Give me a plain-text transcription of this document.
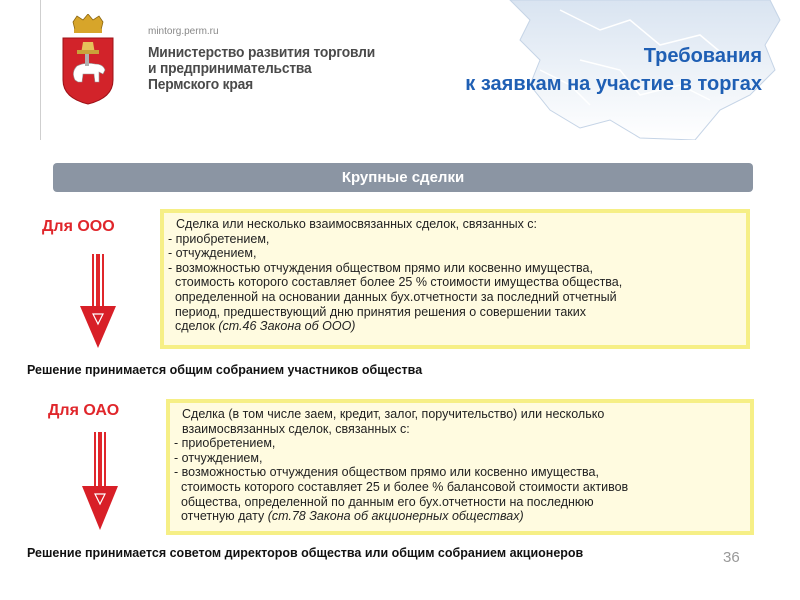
mintorg.perm.ru
Министерство развития торговли
и предпринимательства
Пермского края
Требования
к заявкам на участие в торгах
Крупные сделки
Для ООО	Сделка или несколько взаимосвязанных сделок, связанных с:
- приобретением,
- отчуждением,
- возможностью отчуждения обществом прямо или косвенно имущества,
стоимость которого составляет более 25 % стоимости имущества общества,
определенной на основании данных бух.отчетности за последний отчетный
период, предшествующий дню принятия решения о совершении таких
сделок (ст.46 Закона об ООО)
Решение принимается общим собранием участников общества
Для ОАО	Сделка (в том числе заем, кредит, залог, поручительство) или несколько
взаимосвязанных сделок, связанных с:
- приобретением,
- отчуждением,
- возможностью отчуждения обществом прямо или косвенно имущества,
стоимость которого составляет 25 и более % балансовой стоимости активов
общества, определенной по данным его бух.отчетности на последнюю
отчетную дату (ст.78 Закона об акционерных обществах)
Решение принимается советом директоров общества или общим собранием акционеров	36
